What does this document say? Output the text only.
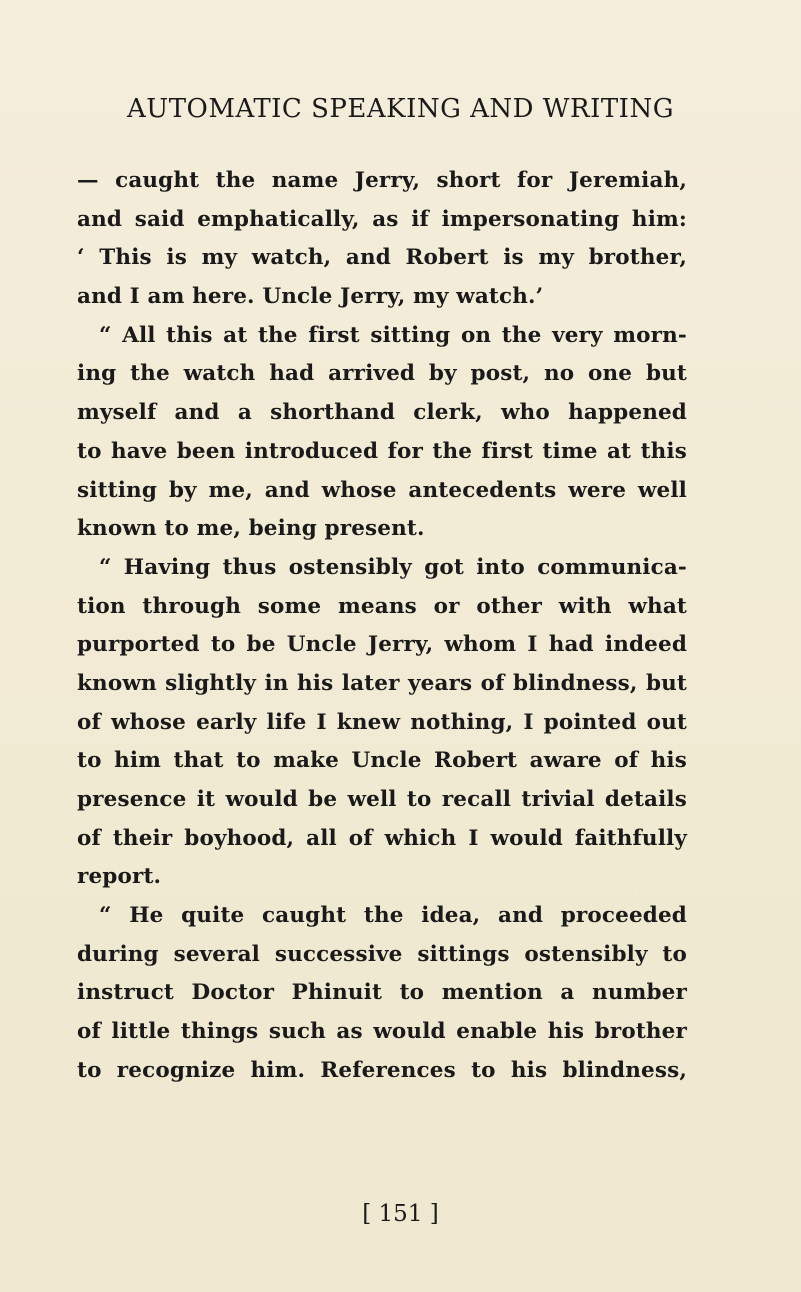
AUTOMATIC SPEAKING AND WRITING
— caught the name Jerry, short for Jeremiah,
and said emphatically, as if impersonating him:
‘ This is my watch, and Robert is my brother,
and I am here. Uncle Jerry, my watch.’
“ All this at the first sitting on the very morn-
ing the watch had arrived by post, no one but
myself and a shorthand clerk, who happened
to have been introduced for the first time at this
sitting by me, and whose antecedents were well
known to me, being present.
“ Having thus ostensibly got into communica-
tion through some means or other with what
purported to be Uncle Jerry, whom I had indeed
known slightly in his later years of blindness, but
of whose early life I knew nothing, I pointed out
to him that to make Uncle Robert aware of his
presence it would be well to recall trivial details
of their boyhood, all of which I would faithfully
report.
“ He quite caught the idea, and proceeded
during several successive sittings ostensibly to
instruct Doctor Phinuit to mention a number
of little things such as would enable his brother
to recognize him. References to his blindness,
[ 151 ]
